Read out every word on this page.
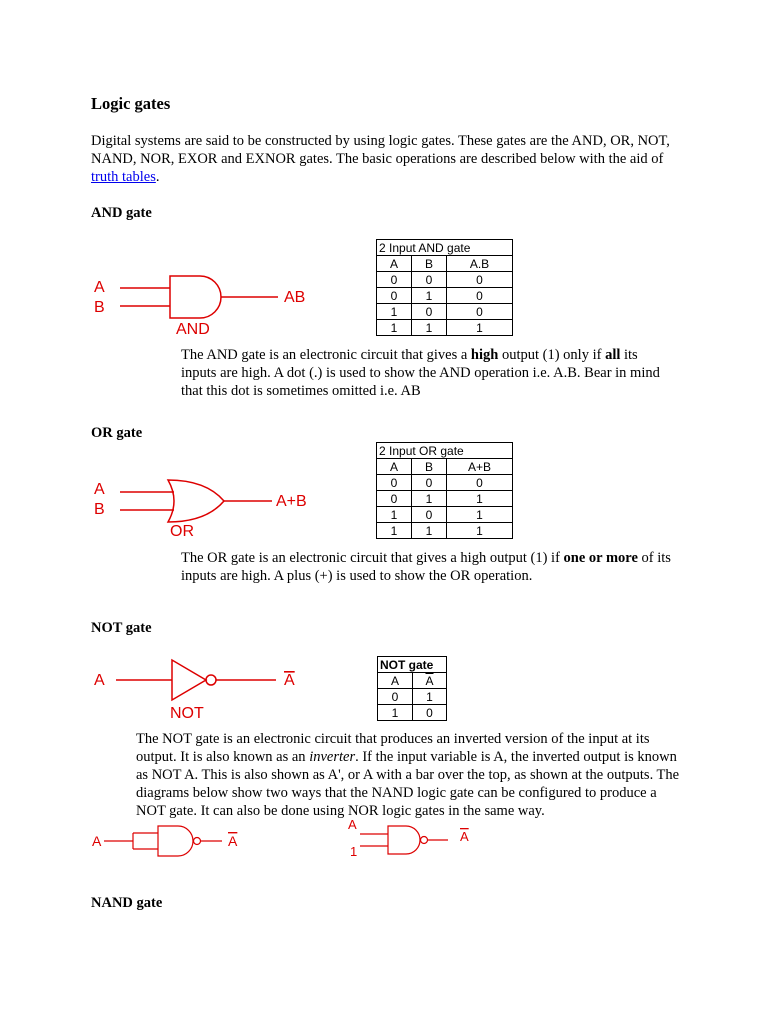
Logic gates

Digital systems are said to be constructed by using logic gates. These gates are the AND, OR, NOT, NAND, NOR, EXOR and EXNOR gates. The basic operations are described below with the aid of truth tables.

AND gate
A
B
AB
AND
2 Input AND gate		
A	B	A.B
0	0	0
0	1	0
1	0	0
1	1	1

The AND gate is an electronic circuit that gives a high output (1) only if all its inputs are high. A dot (.) is used to show the AND operation i.e. A.B. Bear in mind that this dot is sometimes omitted i.e. AB

OR gate
A
B	A+B
OR
2 Input OR gate		
A	B	A+B
0	0	0
0	1	1
1	0	1
1	1	1

The OR gate is an electronic circuit that gives a high output (1) if one or more of its inputs are high. A plus (+) is used to show the OR operation.

NOT gate
A	A
NOT
NOT gate	
A	$\overline{A}$
0	1
1	0

The NOT gate is an electronic circuit that produces an inverted version of the input at its output. It is also known as an inverter. If the input variable is A, the inverted output is known as NOT A. This is also shown as A', or A with a bar over the top, as shown at the outputs. The diagrams below show two ways that the NAND logic gate can be configured to produce a NOT gate. It can also be done using NOR logic gates in the same way.

A	A
A
1
A
NAND gate
